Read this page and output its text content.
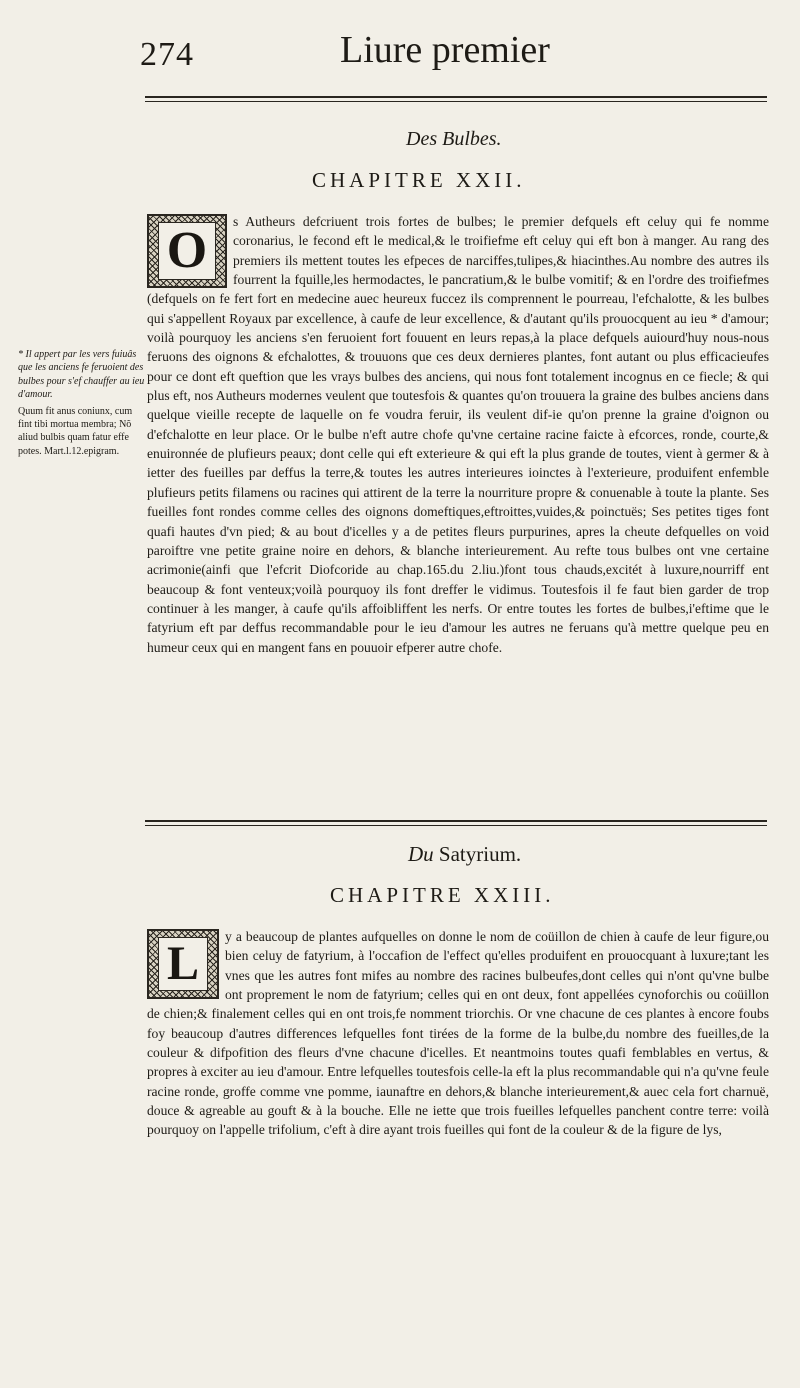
274	Liure premier
Des Bulbes.
CHAPITRE XXII.
O
s Autheurs defcriuent trois fortes de bulbes; le premier defquels eft celuy qui fe nomme coronarius, le fecond eft le medical,& le troifiefme eft celuy qui eft bon à manger. Au rang des premiers ils mettent toutes les efpeces de narciffes,tulipes,& hiacinthes.Au nombre des autres ils fourrent la fquille,les hermodactes, le pancratium,& le bulbe vomitif; & en l'ordre des troifiefmes (defquels on fe fert fort en medecine auec heureux fuccez ils comprennent le pourreau, l'efchalotte, & les bulbes qui s'appellent Royaux par excellence, à caufe de leur excellence, & d'autant qu'ils prouocquent au ieu * d'amour; voilà pourquoy les anciens s'en feruoient fort fouuent en leurs repas,à la place defquels auiourd'huy nous-nous feruons des oignons & efchalottes, & trouuons que ces deux dernieres plantes, font autant ou plus efficacieufes pour ce dont eft queftion que les vrays bulbes des anciens, qui nous font totalement incognus en ce fiecle; & qui plus eft, nos Autheurs modernes veulent que toutesfois & quantes qu'on trouuera la graine des bulbes anciens dans quelque vieille recepte de laquelle on fe voudra feruir, ils veulent dif-ie qu'on prenne la graine d'oignon ou d'efchalotte en leur place. Or le bulbe n'eft autre chofe qu'vne certaine racine faicte à efcorces, ronde, courte,& enuironnée de plufieurs peaux; dont celle qui eft exterieure & qui eft la plus grande de toutes, vient à germer & à ietter des fueilles par deffus la terre,& toutes les autres interieures ioinctes à l'exterieure, produifent enfemble plufieurs petits filamens ou racines qui attirent de la terre la nourriture propre & conuenable à toute la plante. Ses fueilles font rondes comme celles des oignons domeftiques,eftroittes,vuides,& poinctuës; Ses petites tiges font quafi hautes d'vn pied; & au bout d'icelles y a de petites fleurs purpurines, apres la cheute defquelles on void paroiftre vne petite graine noire en dehors, & blanche interieurement. Au refte tous bulbes ont vne certaine acrimonie(ainfi que l'efcrit Diofcoride au chap.165.du 2.liu.)font tous chauds,excitét à luxure,nourriff ent beaucoup & font venteux;voilà pourquoy ils font dreffer le vidimus. Toutesfois il fe faut bien garder de trop continuer à les manger, à caufe qu'ils affoibliffent les nerfs. Or entre toutes les fortes de bulbes,i'eftime que le fatyrium eft par deffus recommandable pour le ieu d'amour les autres ne feruans qu'à mettre quelque peu en humeur ceux qui en mangent fans en pouuoir efperer autre chofe.
* Il appert par les vers fuiuâs que les anciens fe feruoient des bulbes pour s'ef chauffer au ieu d'amour.
Quum fit anus coniunx, cum fint tibi mortua membra; Nõ aliud bulbis quam fatur effe potes. Mart.l.12.epigram.
Du Satyrium.
CHAPITRE XXIII.
L
y a beaucoup de plantes aufquelles on donne le nom de coüillon de chien à caufe de leur figure,ou bien celuy de fatyrium, à l'occafion de l'effect qu'elles produifent en prouocquant à luxure;tant les vnes que les autres font mifes au nombre des racines bulbeufes,dont celles qui n'ont qu'vne bulbe ont proprement le nom de fatyrium; celles qui en ont deux, font appellées cynoforchis ou coüillon de chien;& finalement celles qui en ont trois,fe nomment triorchis. Or vne chacune de ces plantes à encore foubs foy beaucoup d'autres differences lefquelles font tirées de la forme de la bulbe,du nombre des fueilles,de la couleur & difpofition des fleurs d'vne chacune d'icelles. Et neantmoins toutes quafi femblables en vertus, & propres à exciter au ieu d'amour. Entre lefquelles toutesfois celle-la eft la plus recommandable qui n'a qu'vne feule racine ronde, groffe comme vne pomme, iaunaftre en dehors,& blanche interieurement,& auec cela fort charnuë, douce & agreable au gouft & à la bouche. Elle ne iette que trois fueilles lefquelles panchent contre terre: voilà pourquoy on l'appelle trifolium, c'eft à dire ayant trois fueilles qui font de la couleur & de la figure de lys,
